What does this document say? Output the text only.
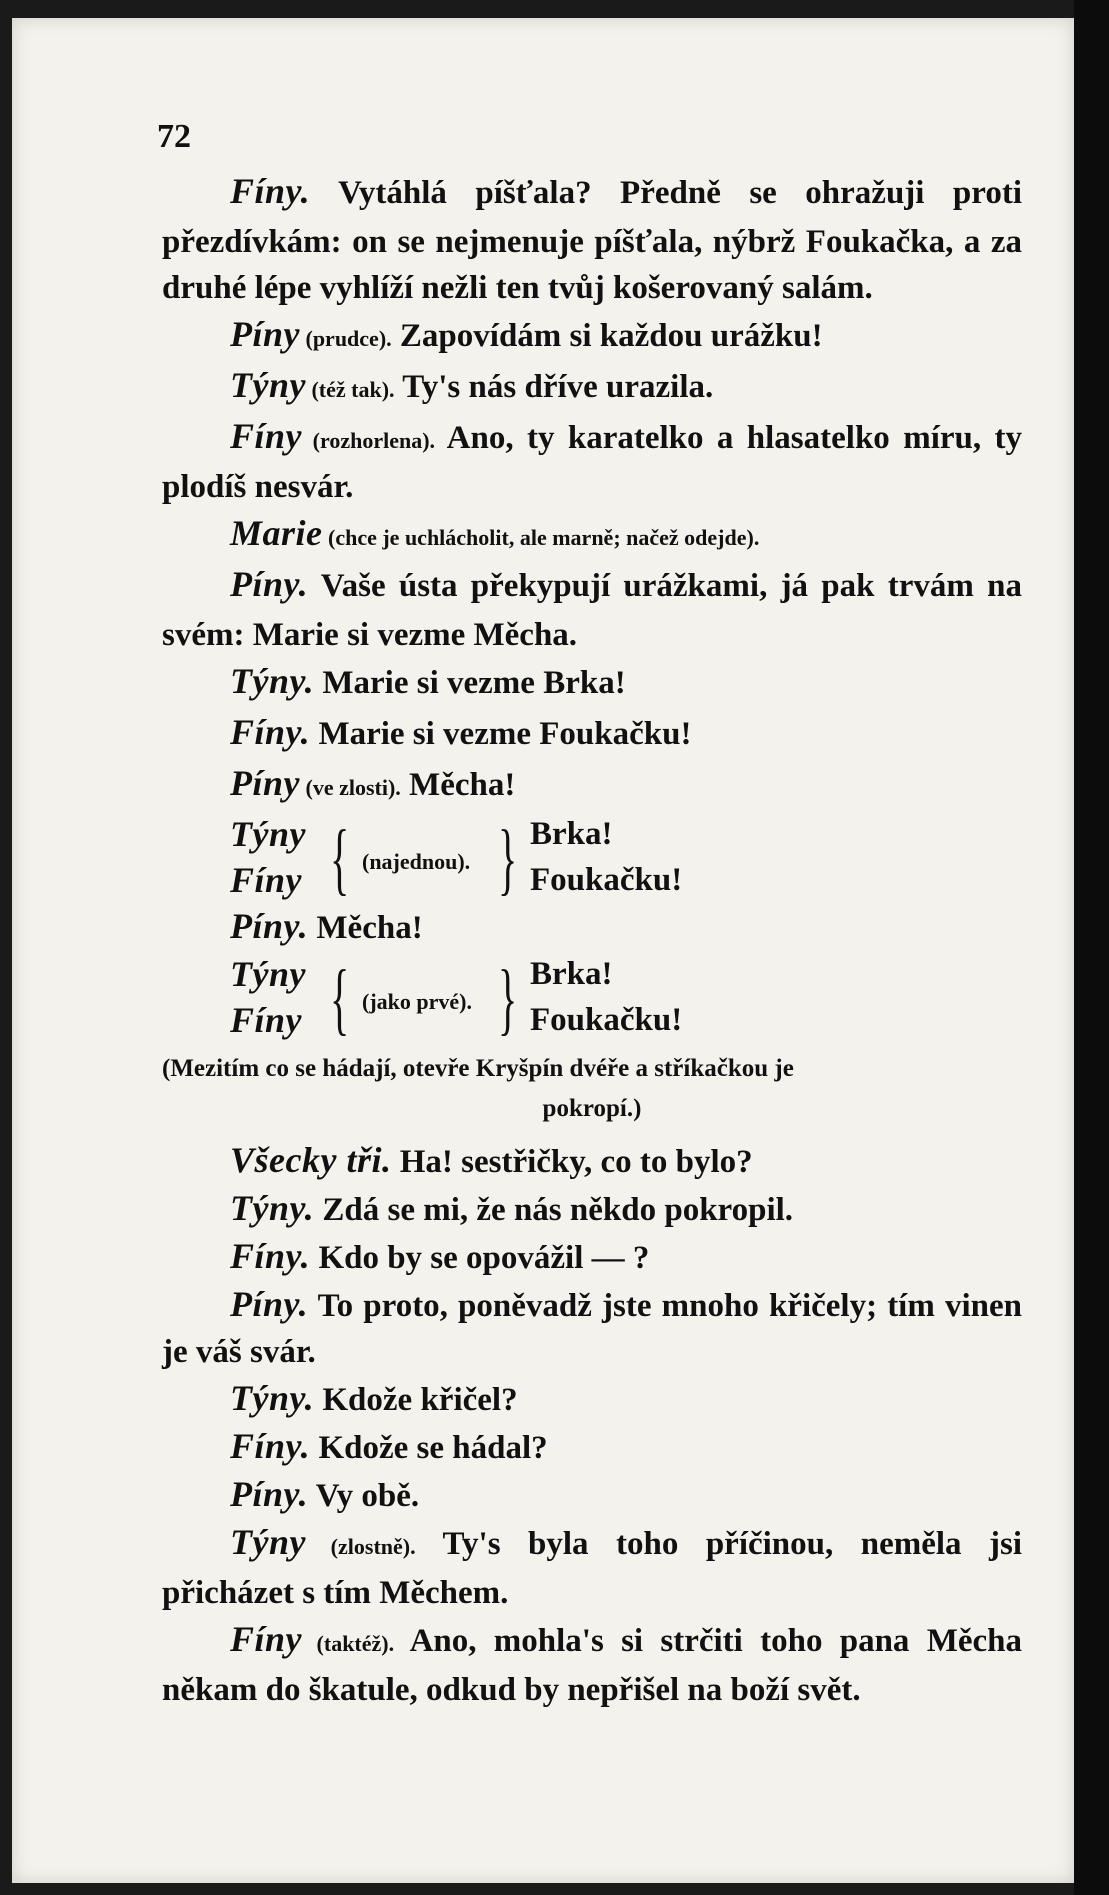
72
Fíny. Vytáhlá píšťala? Předně se ohražuji proti přezdívkám: on se nejmenuje píšťala, nýbrž Foukačka, a za druhé lépe vyhlíží nežli ten tvůj košerovaný salám.
Píny (prudce). Zapovídám si každou urážku!
Týny (též tak). Ty's nás dříve urazila.
Fíny (rozhorlena). Ano, ty karatelko a hlasatelko míru, ty plodíš nesvár.
Marie (chce je uchlácholit, ale marně; načež odejde).
Píny. Vaše ústa překypují urážkami, já pak trvám na svém: Marie si vezme Měcha.
Týny. Marie si vezme Brka!
Fíny. Marie si vezme Foukačku!
Píny (ve zlosti). Měcha!
Týny
Fíny { (najednou). } Brka!
Foukačku!
Píny. Měcha!
Týny
Fíny { (jako prvé). } Brka!
Foukačku!
(Mezitím co se hádají, otevře Kryšpín dvéře a stříkačkou je
pokropí.)
Všecky tři. Ha! sestřičky, co to bylo?
Týny. Zdá se mi, že nás někdo pokropil.
Fíny. Kdo by se opovážil — ?
Píny. To proto, poněvadž jste mnoho křičely; tím vinen je váš svár.
Týny. Kdože křičel?
Fíny. Kdože se hádal?
Píny. Vy obě.
Týny (zlostně). Ty's byla toho příčinou, neměla jsi přicházet s tím Měchem.
Fíny (taktéž). Ano, mohla's si strčiti toho pana Měcha někam do škatule, odkud by nepřišel na boží svět.
